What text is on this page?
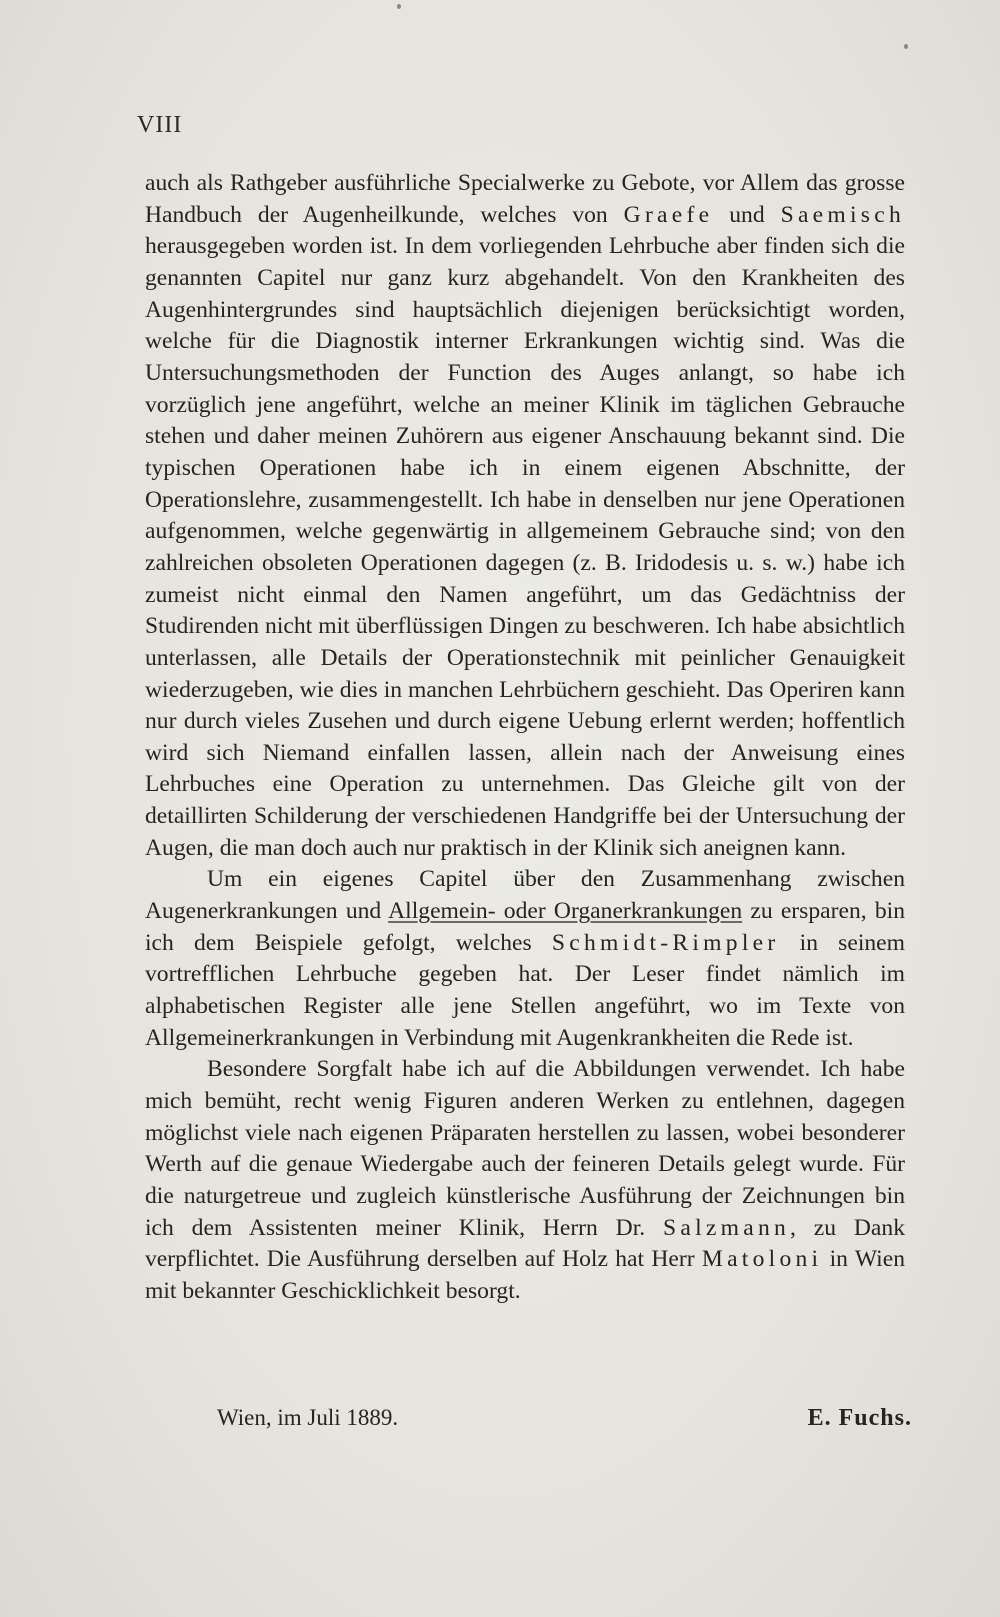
VIII

auch als Rathgeber ausführliche Specialwerke zu Gebote, vor Allem das grosse Handbuch der Augenheilkunde, welches von Graefe und Saemisch herausgegeben worden ist. In dem vorliegenden Lehrbuche aber finden sich die genannten Capitel nur ganz kurz abgehandelt. Von den Krankheiten des Augenhintergrundes sind hauptsächlich diejenigen berücksichtigt worden, welche für die Diagnostik interner Erkrankungen wichtig sind. Was die Untersuchungsmethoden der Function des Auges anlangt, so habe ich vorzüglich jene angeführt, welche an meiner Klinik im täglichen Gebrauche stehen und daher meinen Zuhörern aus eigener Anschauung bekannt sind. Die typischen Operationen habe ich in einem eigenen Abschnitte, der Operationslehre, zusammengestellt. Ich habe in denselben nur jene Operationen aufgenommen, welche gegenwärtig in allgemeinem Gebrauche sind; von den zahlreichen obsoleten Operationen dagegen (z. B. Iridodesis u. s. w.) habe ich zumeist nicht einmal den Namen angeführt, um das Gedächtniss der Studirenden nicht mit überflüssigen Dingen zu beschweren. Ich habe absichtlich unterlassen, alle Details der Operationstechnik mit peinlicher Genauigkeit wiederzugeben, wie dies in manchen Lehrbüchern geschieht. Das Operiren kann nur durch vieles Zusehen und durch eigene Uebung erlernt werden; hoffentlich wird sich Niemand einfallen lassen, allein nach der Anweisung eines Lehrbuches eine Operation zu unternehmen. Das Gleiche gilt von der detaillirten Schilderung der verschiedenen Handgriffe bei der Untersuchung der Augen, die man doch auch nur praktisch in der Klinik sich aneignen kann.

Um ein eigenes Capitel über den Zusammenhang zwischen Augenerkrankungen und Allgemein- oder Organerkrankungen zu ersparen, bin ich dem Beispiele gefolgt, welches Schmidt-Rimpler in seinem vortrefflichen Lehrbuche gegeben hat. Der Leser findet nämlich im alphabetischen Register alle jene Stellen angeführt, wo im Texte von Allgemeinerkrankungen in Verbindung mit Augenkrankheiten die Rede ist.

Besondere Sorgfalt habe ich auf die Abbildungen verwendet. Ich habe mich bemüht, recht wenig Figuren anderen Werken zu entlehnen, dagegen möglichst viele nach eigenen Präparaten herstellen zu lassen, wobei besonderer Werth auf die genaue Wiedergabe auch der feineren Details gelegt wurde. Für die naturgetreue und zugleich künstlerische Ausführung der Zeichnungen bin ich dem Assistenten meiner Klinik, Herrn Dr. Salzmann, zu Dank verpflichtet. Die Ausführung derselben auf Holz hat Herr Matoloni in Wien mit bekannter Geschicklichkeit besorgt.

Wien, im Juli 1889.	E. Fuchs.
